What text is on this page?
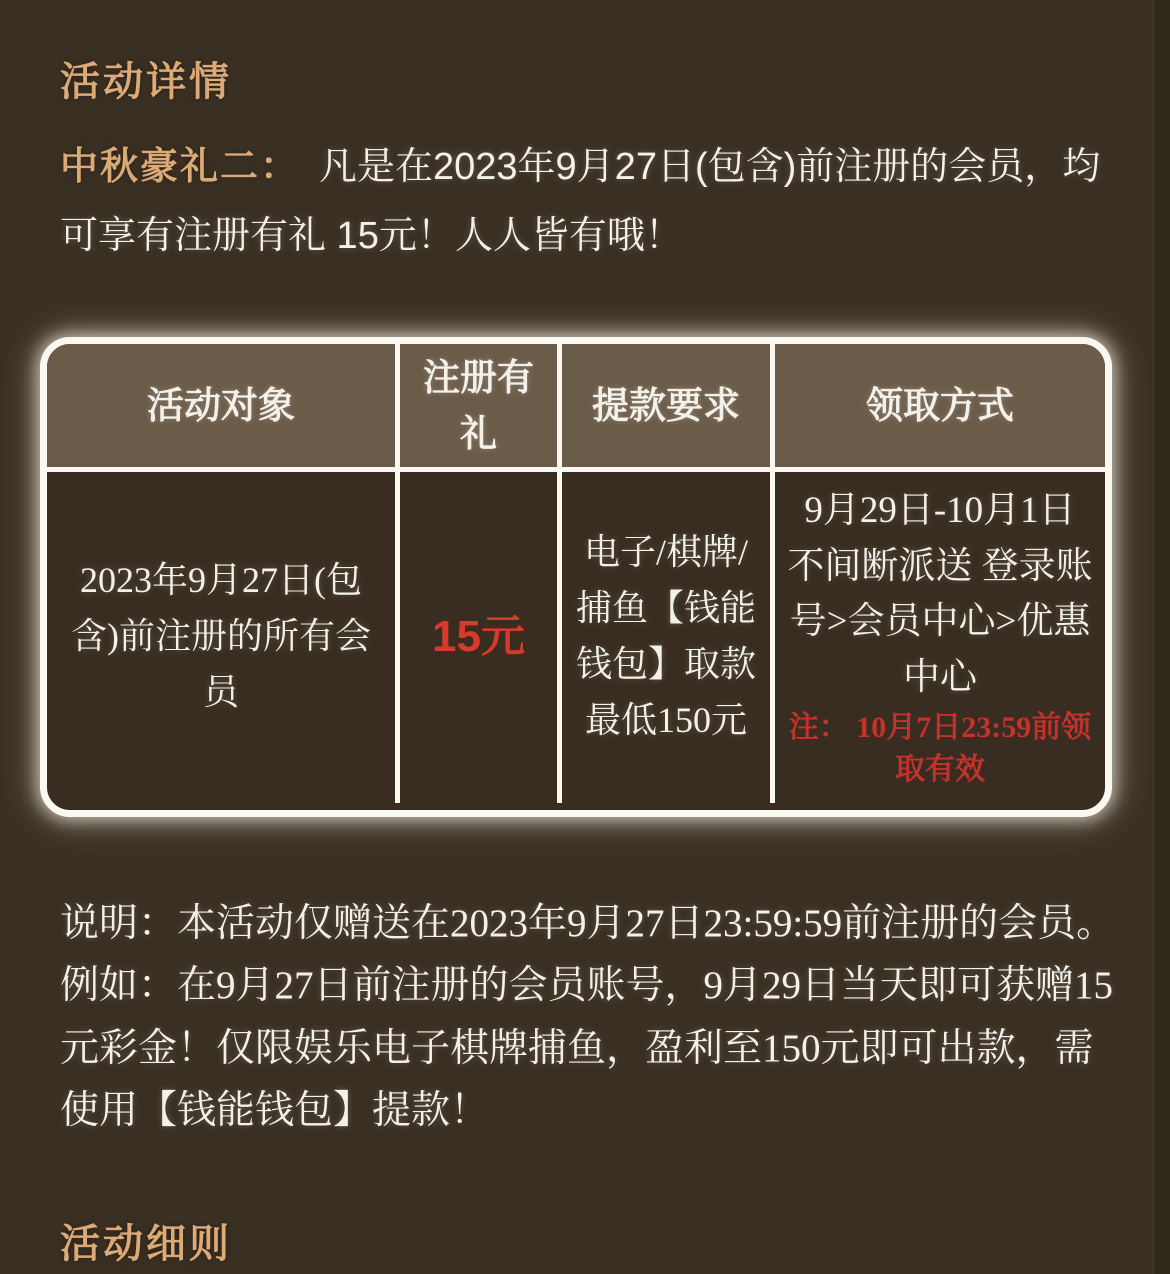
活动详情

中秋豪礼二：　凡是在2023年9月27日(包含)前注册的会员，均可享有注册有礼 15元！人人皆有哦！

活动对象
注册有礼
提款要求	领取方式
2023年9月27日(包含)前注册的所有会员
15元
电子/棋牌/捕鱼【钱能钱包】取款最低150元
9月29日-10月1日不间断派送 登录账号>会员中心>优惠中心
注： 10月7日23:59前领取有效
说明：本活动仅赠送在2023年9月27日23:59:59前注册的会员。
例如：在9月27日前注册的会员账号，9月29日当天即可获赠15元彩金！仅限娱乐电子棋牌捕鱼，盈利至150元即可出款，需使用【钱能钱包】提款！
活动细则
